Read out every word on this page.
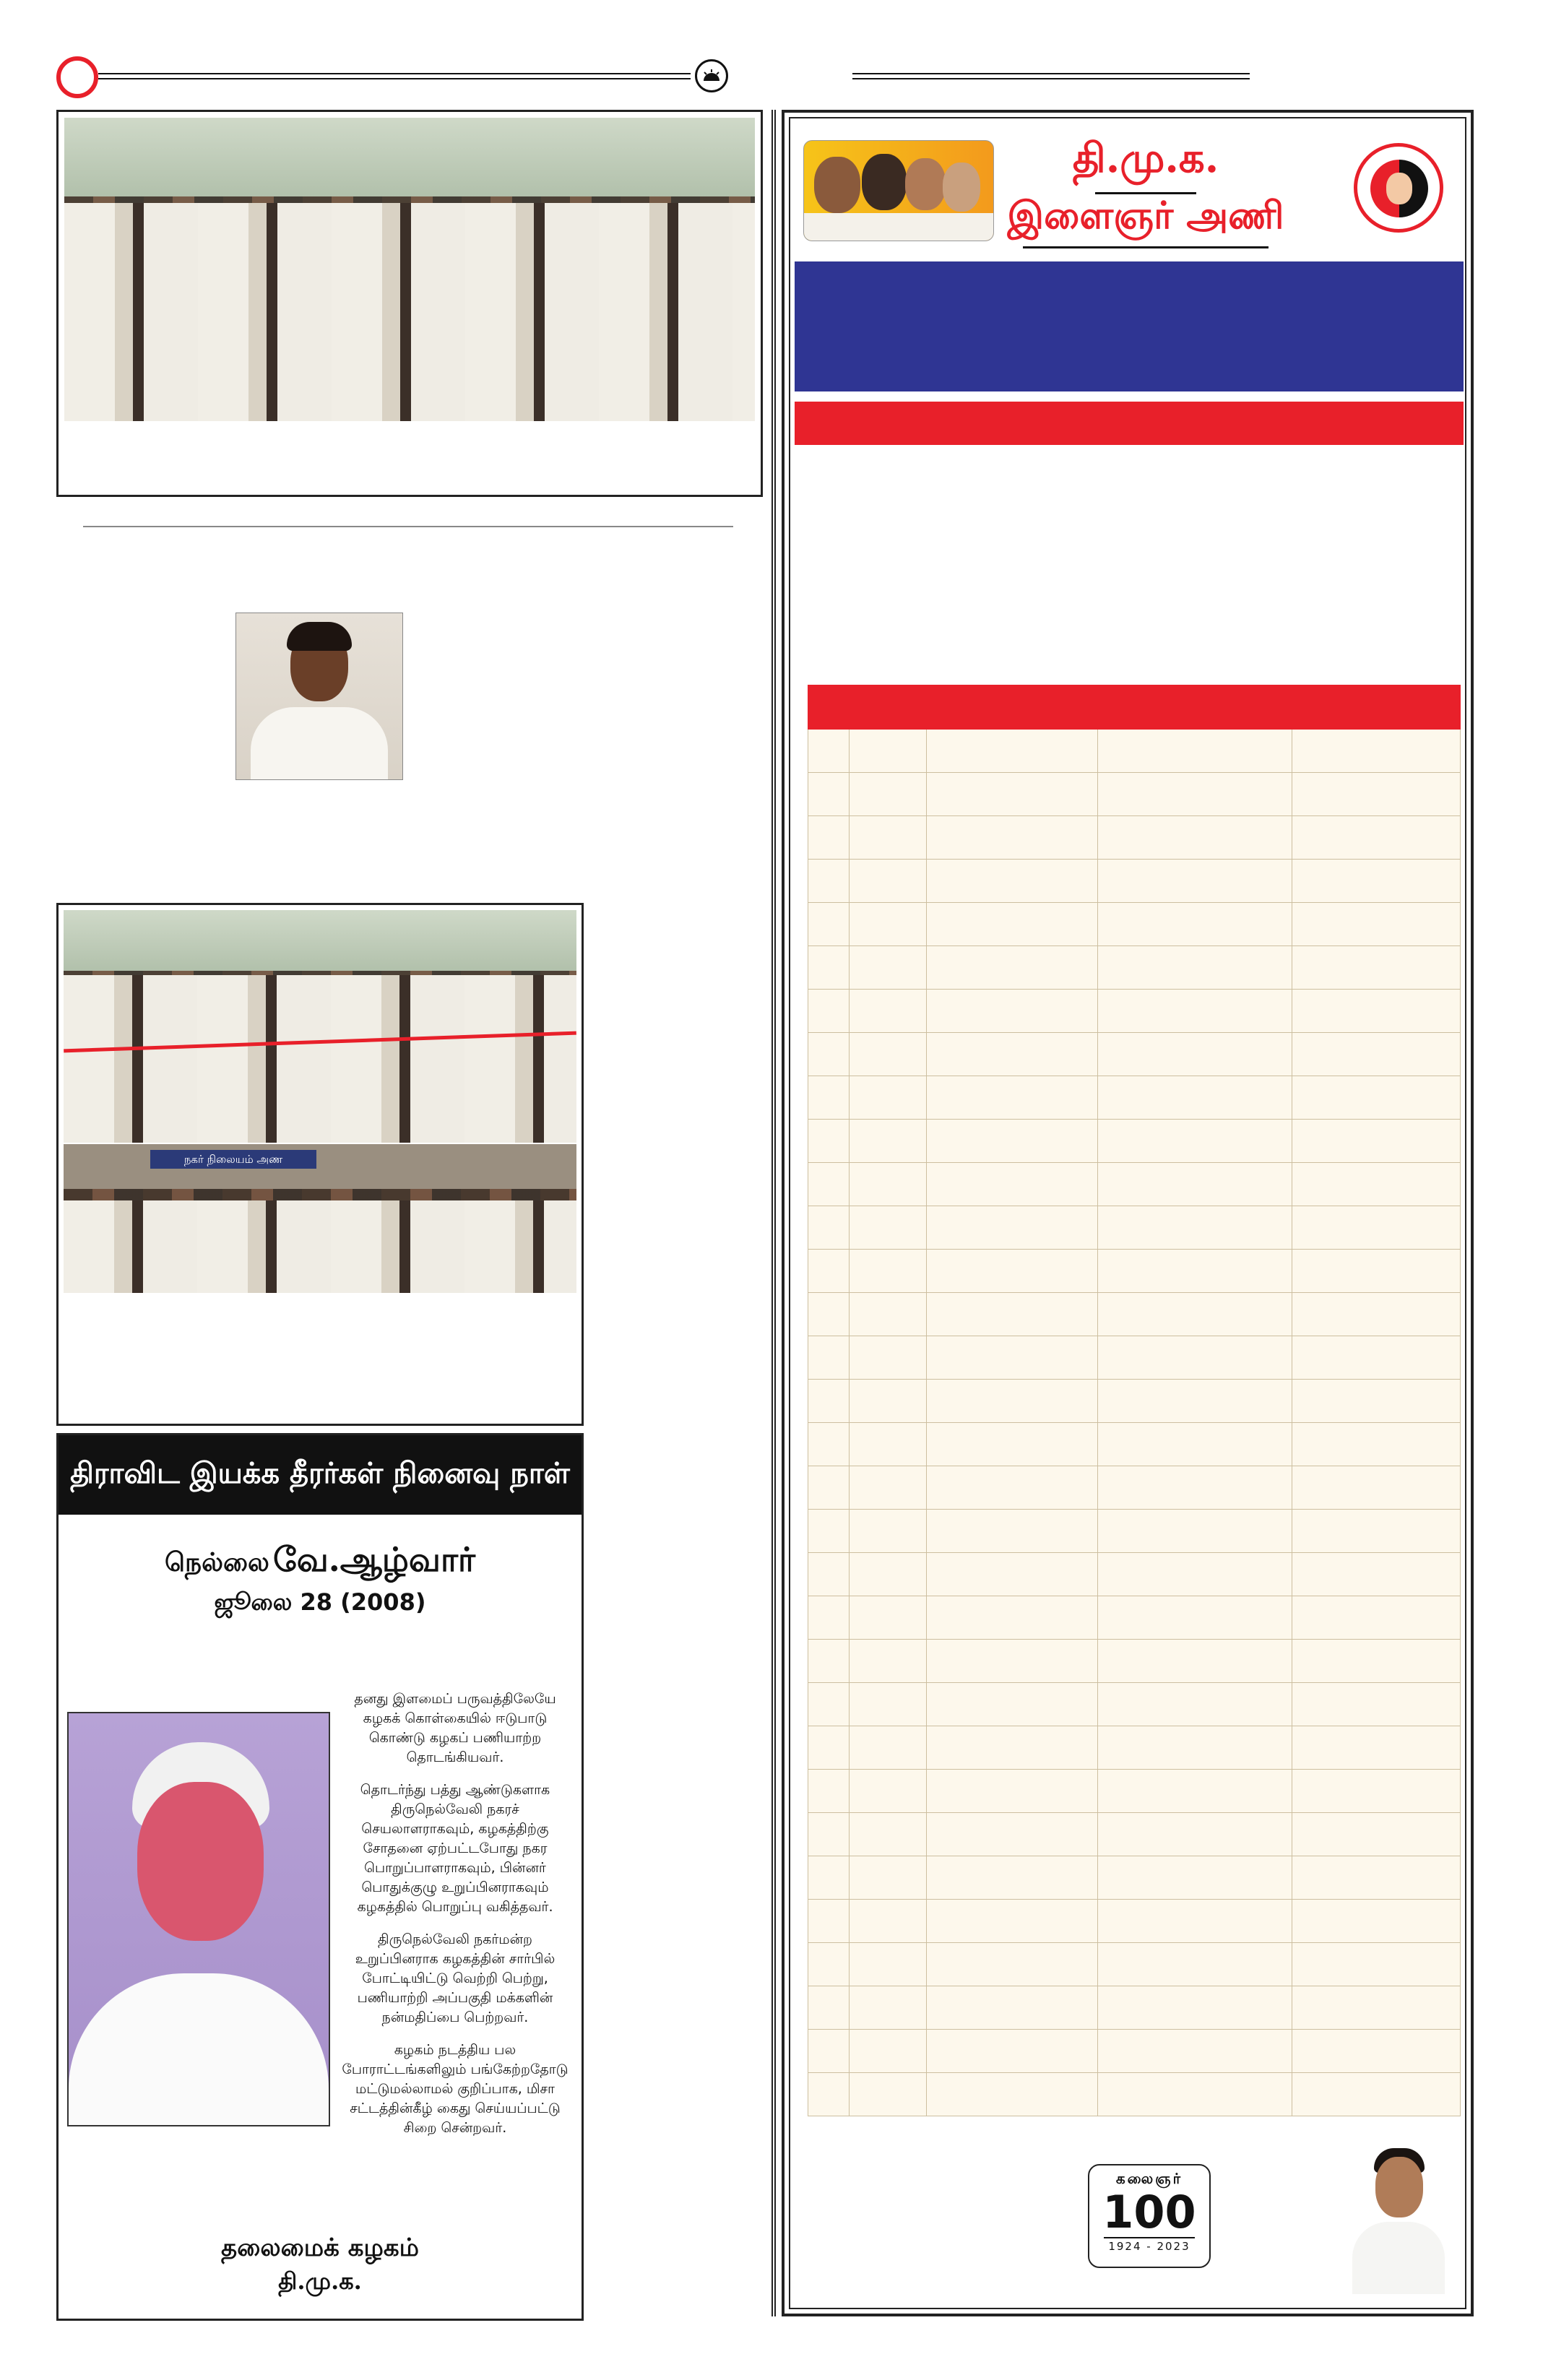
நகர் நிலையம் அண
திராவிட இயக்க தீரர்கள் நினைவு நாள்
நெல்லை வே.ஆழ்வார்
ஜூலை 28 (2008)

தனது இளமைப் பருவத்திலேயே கழகக் கொள்கையில் ஈடுபாடு கொண்டு கழகப் பணியாற்ற தொடங்கியவர்.

தொடர்ந்து பத்து ஆண்டுகளாக திருநெல்வேலி நகரச் செயலாளராகவும், கழகத்திற்கு சோதனை ஏற்பட்டபோது நகர பொறுப்பாளராகவும், பின்னர் பொதுக்குழு உறுப்பினராகவும் கழகத்தில் பொறுப்பு வகித்தவர்.

திருநெல்வேலி நகர்மன்ற உறுப்பினராக கழகத்தின் சார்பில் போட்டியிட்டு வெற்றி பெற்று, பணியாற்றி அப்பகுதி மக்களின் நன்மதிப்பை பெற்றவர்.

கழகம் நடத்திய பல போராட்டங்களிலும் பங்கேற்றதோடு மட்டுமல்லாமல் குறிப்பாக, மிசா சட்டத்தின்கீழ் கைது செய்யப்பட்டு சிறை சென்றவர்.

தலைமைக் கழகம்
தி.மு.க.
தி.மு.க.
இளைஞர் அணி

கலைஞர்
100
1924 - 2023
